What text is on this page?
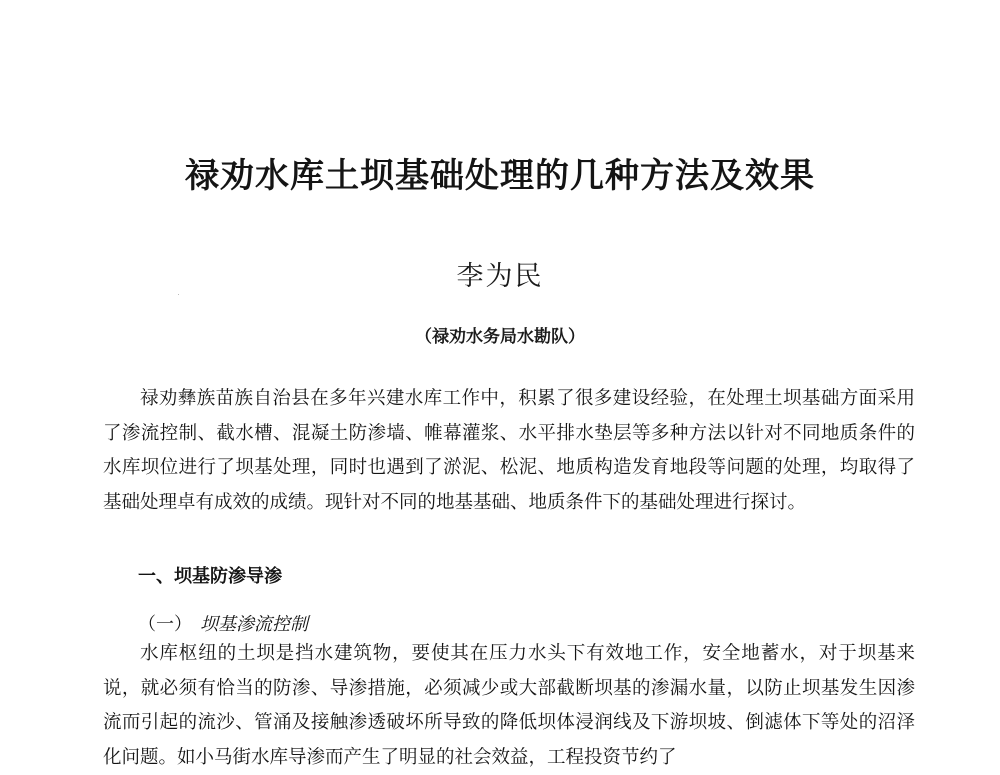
禄劝水库土坝基础处理的几种方法及效果
李为民
（禄劝水务局水勘队）

禄劝彝族苗族自治县在多年兴建水库工作中，积累了很多建设经验，在处理土坝基础方面采用了渗流控制、截水槽、混凝土防渗墙、帷幕灌浆、水平排水垫层等多种方法以针对不同地质条件的水库坝位进行了坝基处理，同时也遇到了淤泥、松泥、地质构造发育地段等问题的处理，均取得了基础处理卓有成效的成绩。现针对不同的地基基础、地质条件下的基础处理进行探讨。

一、坝基防渗导渗
（一） 坝基渗流控制

水库枢纽的土坝是挡水建筑物，要使其在压力水头下有效地工作，安全地蓄水，对于坝基来说，就必须有恰当的防渗、导渗措施，必须减少或大部截断坝基的渗漏水量，以防止坝基发生因渗流而引起的流沙、管涌及接触渗透破坏所导致的降低坝体浸润线及下游坝坡、倒滤体下等处的沼泽化问题。如小马街水库导渗而产生了明显的社会效益，工程投资节约了
